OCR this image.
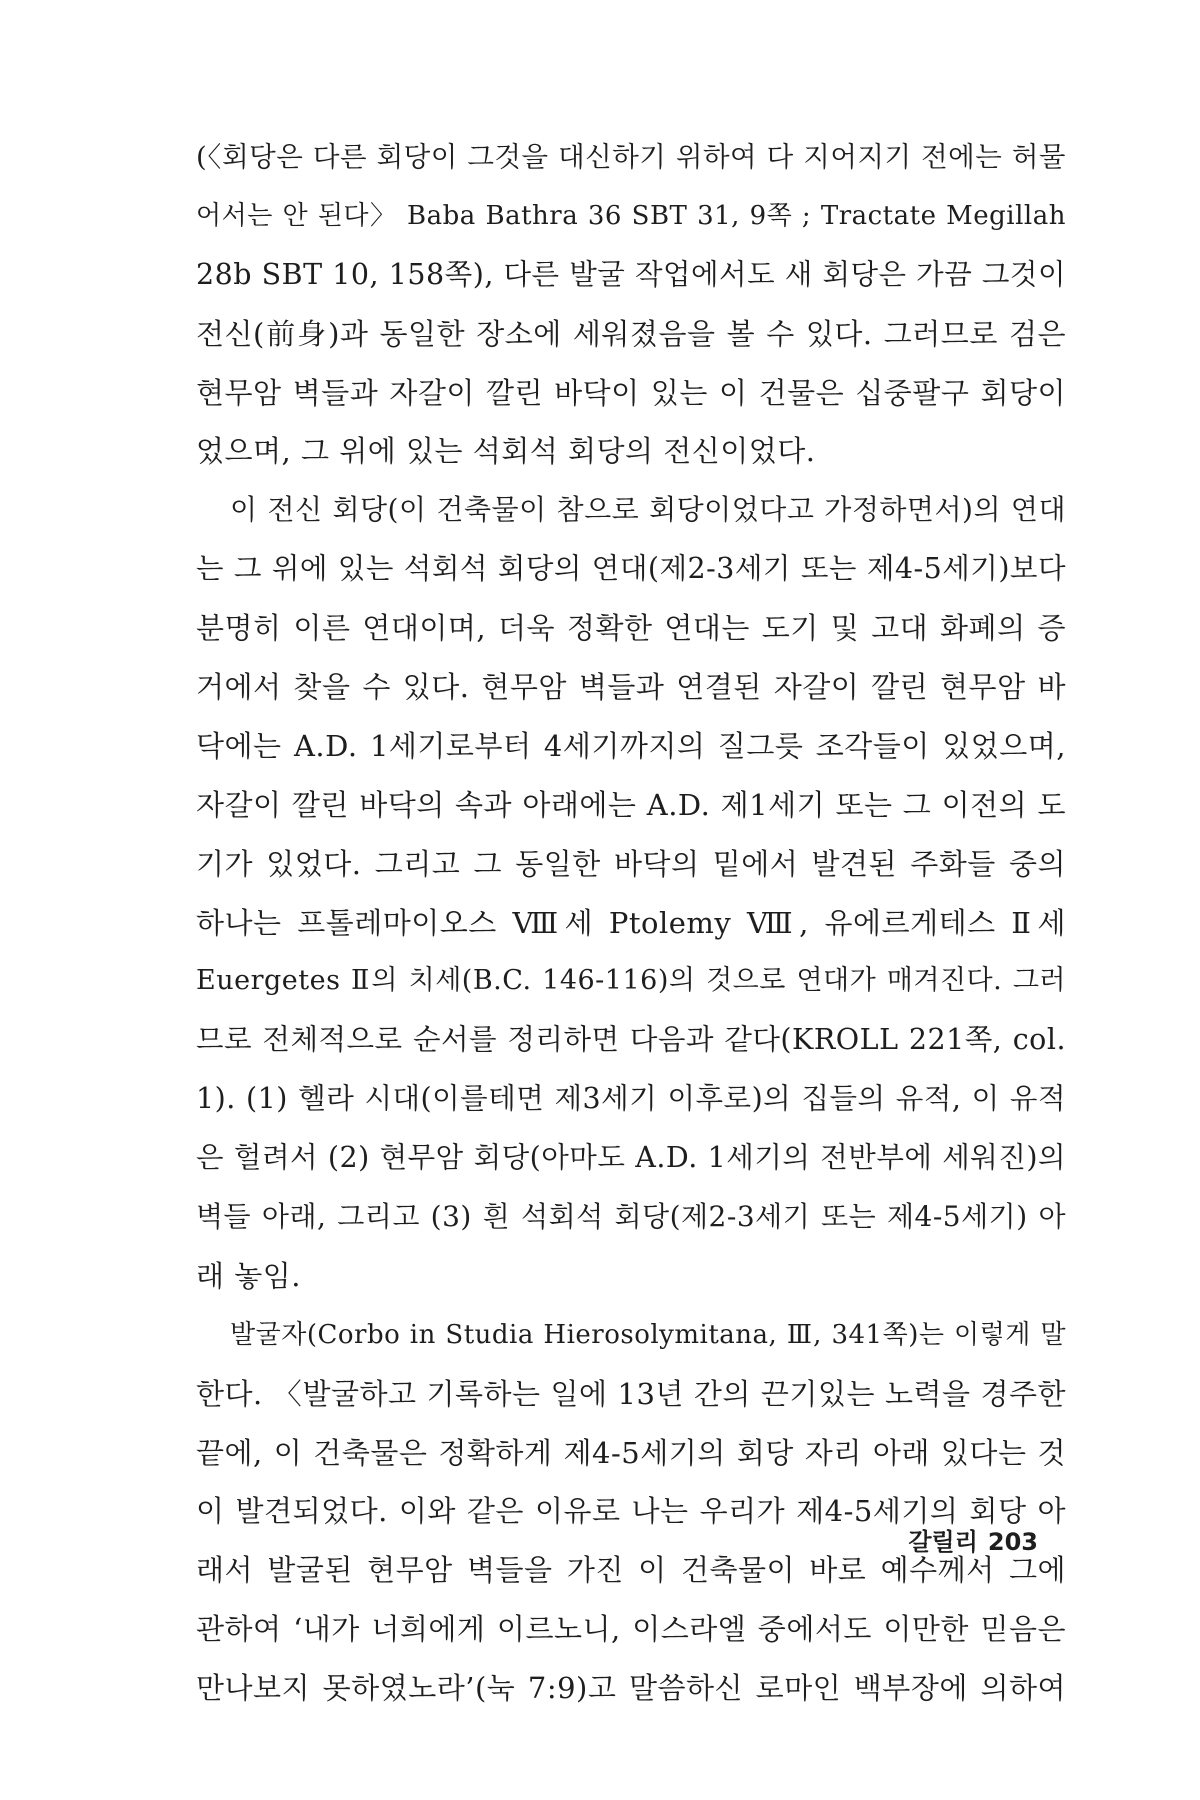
(〈회당은 다른 회당이 그것을 대신하기 위하여 다 지어지기 전에는 허물
어서는 안 된다〉 Baba Bathra 36 SBT 31, 9쪽 ; Tractate Megillah
28b SBT 10, 158쪽), 다른 발굴 작업에서도 새 회당은 가끔 그것이
전신(前身)과 동일한 장소에 세워졌음을 볼 수 있다. 그러므로 검은
현무암 벽들과 자갈이 깔린 바닥이 있는 이 건물은 십중팔구 회당이
었으며, 그 위에 있는 석회석 회당의 전신이었다.
이 전신 회당(이 건축물이 참으로 회당이었다고 가정하면서)의 연대
는 그 위에 있는 석회석 회당의 연대(제2-3세기 또는 제4-5세기)보다
분명히 이른 연대이며, 더욱 정확한 연대는 도기 및 고대 화폐의 증
거에서 찾을 수 있다. 현무암 벽들과 연결된 자갈이 깔린 현무암 바
닥에는 A.D. 1세기로부터 4세기까지의 질그릇 조각들이 있었으며,
자갈이 깔린 바닥의 속과 아래에는 A.D. 제1세기 또는 그 이전의 도
기가 있었다. 그리고 그 동일한 바닥의 밑에서 발견된 주화들 중의
하나는 프톨레마이오스 Ⅷ세 Ptolemy Ⅷ, 유에르게테스 Ⅱ세
Euergetes Ⅱ의 치세(B.C. 146-116)의 것으로 연대가 매겨진다. 그러
므로 전체적으로 순서를 정리하면 다음과 같다(KROLL 221쪽, col.
1). (1) 헬라 시대(이를테면 제3세기 이후로)의 집들의 유적, 이 유적
은 헐려서 (2) 현무암 회당(아마도 A.D. 1세기의 전반부에 세워진)의
벽들 아래, 그리고 (3) 흰 석회석 회당(제2-3세기 또는 제4-5세기) 아
래 놓임.
발굴자(Corbo in Studia Hierosolymitana, Ⅲ, 341쪽)는 이렇게 말
한다. 〈발굴하고 기록하는 일에 13년 간의 끈기있는 노력을 경주한
끝에, 이 건축물은 정확하게 제4-5세기의 회당 자리 아래 있다는 것
이 발견되었다. 이와 같은 이유로 나는 우리가 제4-5세기의 회당 아
래서 발굴된 현무암 벽들을 가진 이 건축물이 바로 예수께서 그에
관하여 ‘내가 너희에게 이르노니, 이스라엘 중에서도 이만한 믿음은
만나보지 못하였노라’(눅 7:9)고 말씀하신 로마인 백부장에 의하여
갈릴리 203
